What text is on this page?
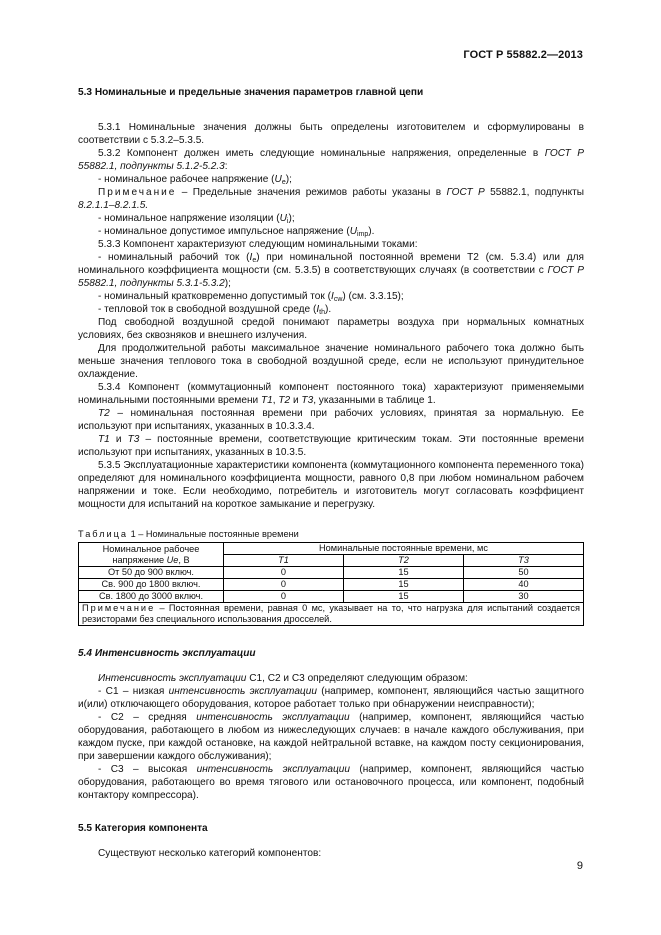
ГОСТ Р 55882.2—2013
5.3 Номинальные и предельные значения параметров главной цепи

5.3.1 Номинальные значения должны быть определены изготовителем и сформулированы в соответствии с 5.3.2–5.3.5.

5.3.2 Компонент должен иметь следующие номинальные напряжения, определенные в ГОСТ Р 55882.1, подпункты 5.1.2-5.2.3:

- номинальное рабочее напряжение $(U_e)$;

Примечание – Предельные значения режимов работы указаны в ГОСТ Р 55882.1, подпункты 8.2.1.1–8.2.1.5.

- номинальное напряжение изоляции $(U_i)$;

- номинальное допустимое импульсное напряжение $(U_{imp})$.

5.3.3 Компонент характеризуют следующим номинальными токами:

- номинальный рабочий ток $(I_e)$ при номинальной постоянной времени Т2 (см. 5.3.4) или для номинального коэффициента мощности (см. 5.3.5) в соответствующих случаях (в соответствии с ГОСТ Р 55882.1, подпункты 5.3.1-5.3.2);

- номинальный кратковременно допустимый ток $(I_{cw})$ (см. 3.3.15);

- тепловой ток в свободной воздушной среде $(I_{th})$.

Под свободной воздушной средой понимают параметры воздуха при нормальных комнатных условиях, без сквозняков и внешнего излучения.

Для продолжительной работы максимальное значение номинального рабочего тока должно быть меньше значения теплового тока в свободной воздушной среде, если не используют принудительное охлаждение.

5.3.4 Компонент (коммутационный компонент постоянного тока) характеризуют применяемыми номинальными постоянными времени Т1, Т2 и Т3, указанными в таблице 1.

Т2 – номинальная постоянная времени при рабочих условиях, принятая за нормальную. Ее используют при испытаниях, указанных в 10.3.3.4.

Т1 и Т3 – постоянные времени, соответствующие критическим токам. Эти постоянные времени используют при испытаниях, указанных в 10.3.5.

5.3.5 Эксплуатационные характеристики компонента (коммутационного компонента переменного тока) определяют для номинального коэффициента мощности, равного 0,8 при любом номинальном рабочем напряжении и токе. Если необходимо, потребитель и изготовитель могут согласовать коэффициент мощности для испытаний на короткое замыкание и перегрузку.

Таблица 1 – Номинальные постоянные времени
Номинальное рабочее напряжение Ue, В	Номинальные постоянные времени, мс		
	Т1	Т2	Т3
От 50 до 900 включ.	0	15	50
Св. 900 до 1800 включ.	0	15	40
Св. 1800 до 3000 включ.	0	15	30
Примечание – Постоянная времени, равная 0 мс, указывает на то, что нагрузка для испытаний создается резисторами без специального использования дросселей.			
5.4 Интенсивность эксплуатации

Интенсивность эксплуатации С1, С2 и С3 определяют следующим образом:

- С1 – низкая интенсивность эксплуатации (например, компонент, являющийся частью защитного и(или) отключающего оборудования, которое работает только при обнаружении неисправности);

- С2 – средняя интенсивность эксплуатации (например, компонент, являющийся частью оборудования, работающего в любом из нижеследующих случаев: в начале каждого обслуживания, при каждом пуске, при каждой остановке, на каждой нейтральной вставке, на каждом посту секционирования, при завершении каждого обслуживания);

- С3 – высокая интенсивность эксплуатации (например, компонент, являющийся частью оборудования, работающего во время тягового или остановочного процесса, или компонент, подобный контактору компрессора).

5.5 Категория компонента

Существуют несколько категорий компонентов:

9
